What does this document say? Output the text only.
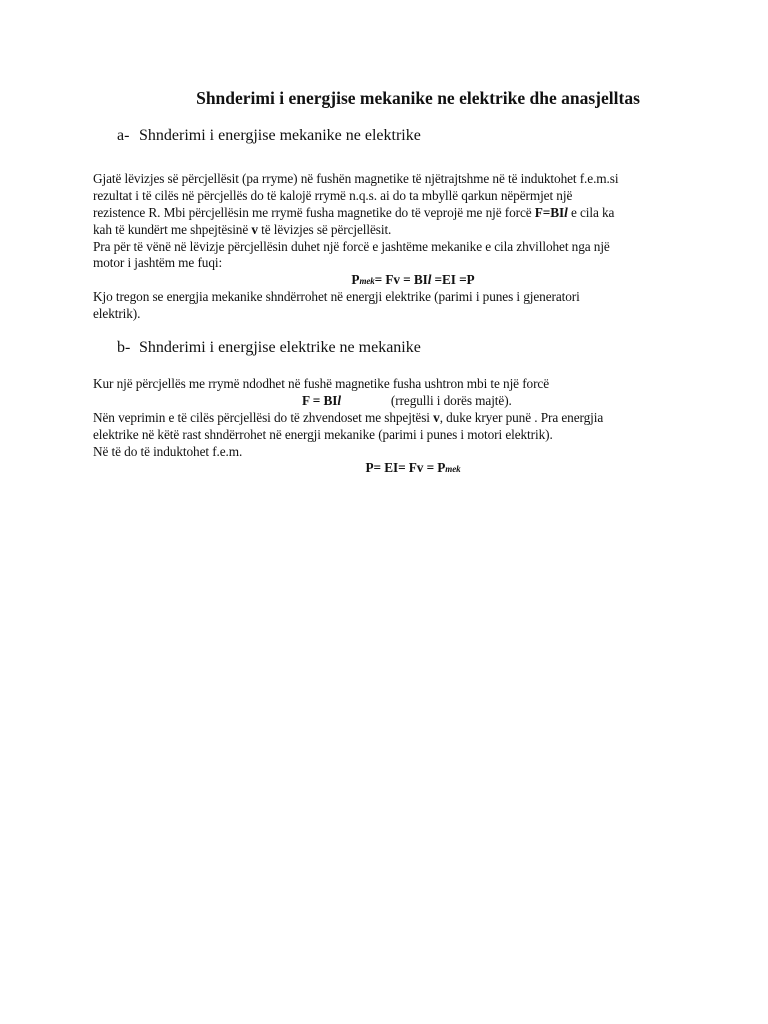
Shnderimi i energjise mekanike ne elektrike dhe anasjelltas
a- Shnderimi i energjise mekanike ne elektrike
Gjatë lëvizjes së përcjellësit (pa rryme) në fushën magnetike të njëtrajtshme në të induktohet f.e.m.si
rezultat i të cilës në përcjellës do të kalojë rrymë n.q.s. ai do ta mbyllë qarkun nëpërmjet një
rezistence R. Mbi përcjellësin me rrymë fusha magnetike do të veprojë me një forcë F=BIl e cila ka
kah të kundërt me shpejtësinë v të lëvizjes së përcjellësit.
Pra për të vënë në lëvizje përcjellësin duhet një forcë e jashtëme mekanike e cila zhvillohet nga një
motor i jashtëm me fuqi:
Pmek= Fv = BIl =EI =P
Kjo tregon se energjia mekanike shndërrohet në energji elektrike (parimi i punes i gjeneratori
elektrik).
b- Shnderimi i energjise elektrike ne mekanike
Kur një përcjellës me rrymë ndodhet në fushë magnetike fusha ushtron mbi te një forcë
F = BIl	(rregulli i dorës majtë).
Nën veprimin e të cilës përcjellësi do të zhvendoset me shpejtësi v, duke kryer punë . Pra energjia
elektrike në këtë rast shndërrohet në energji mekanike (parimi i punes i motori elektrik).
Në të do të induktohet f.e.m.
P= EI= Fv = Pmek
